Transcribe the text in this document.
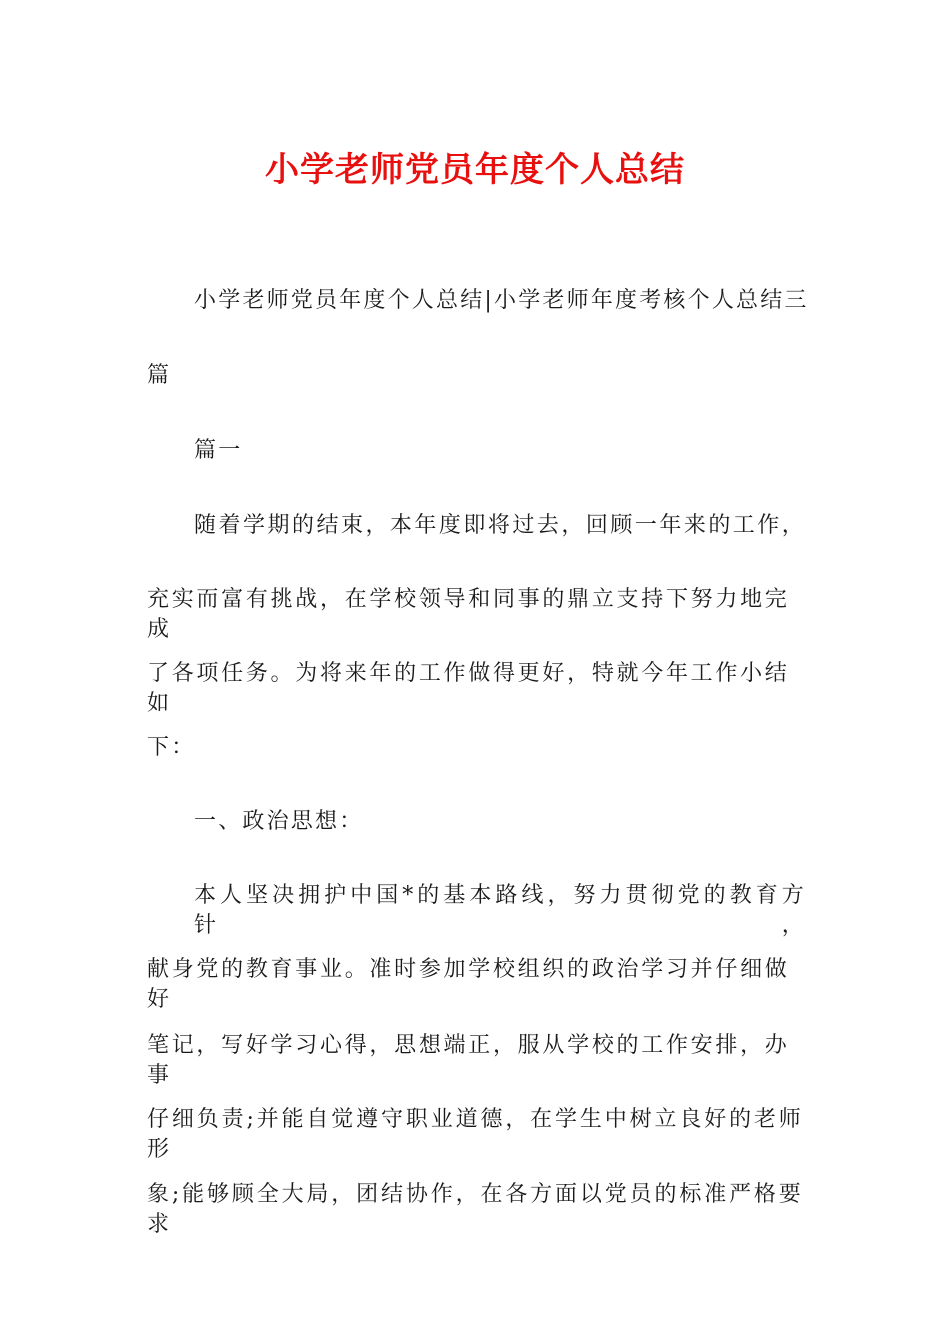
小学老师党员年度个人总结
小学老师党员年度个人总结|小学老师年度考核个人总结三
篇
篇一
随着学期的结束，本年度即将过去，回顾一年来的工作，
充实而富有挑战，在学校领导和同事的鼎立支持下努力地完成
了各项任务。为将来年的工作做得更好，特就今年工作小结如
下：
一、政治思想：
本人坚决拥护中国*的基本路线，努力贯彻党的教育方针，
献身党的教育事业。准时参加学校组织的政治学习并仔细做好
笔记，写好学习心得，思想端正，服从学校的工作安排，办事
仔细负责;并能自觉遵守职业道德，在学生中树立良好的老师形
象;能够顾全大局，团结协作，在各方面以党员的标准严格要求
